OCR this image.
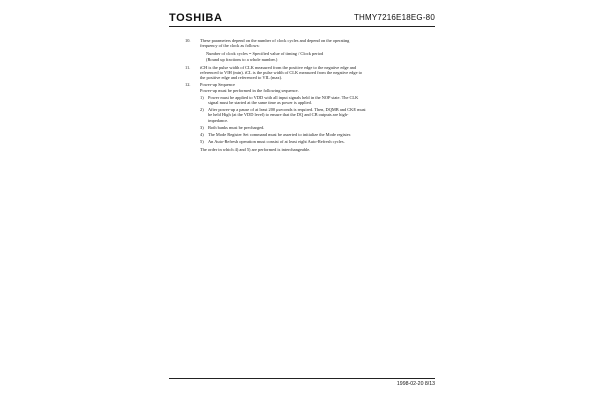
TOSHIBA	THMY7216E18EG-80
10. These parameters depend on the number of clock cycles and depend on the operating
frequency of the clock as follows:
Number of clock cycles = Specified value of timing / Clock period
(Round up fractions to a whole number.)
11. tCH is the pulse width of CLK measured from the positive edge to the negative edge and
referenced to VIH (min). tCL is the pulse width of CLK measured from the negative edge to
the positive edge and referenced to VIL (max).
12. Power-up Sequence
Power-up must be performed in the following sequence.
1) Power must be applied to VDD with all input signals held in the NOP state. The CLK
signal must be started at the same time as power is applied.
2) After power-up a pause of at least 200 μseconds is required. Then, DQMB and CKE must
be held High (at the VDD level) to ensure that the DQ and CB outputs are high-
impedance.
3) Both banks must be precharged.
4) The Mode Register Set command must be asserted to initialize the Mode register.
5) An Auto-Refresh operation must consist of at least eight Auto-Refresh cycles.
The order in which 4) and 5) are performed is interchangeable.
1998-02-20 8/13
